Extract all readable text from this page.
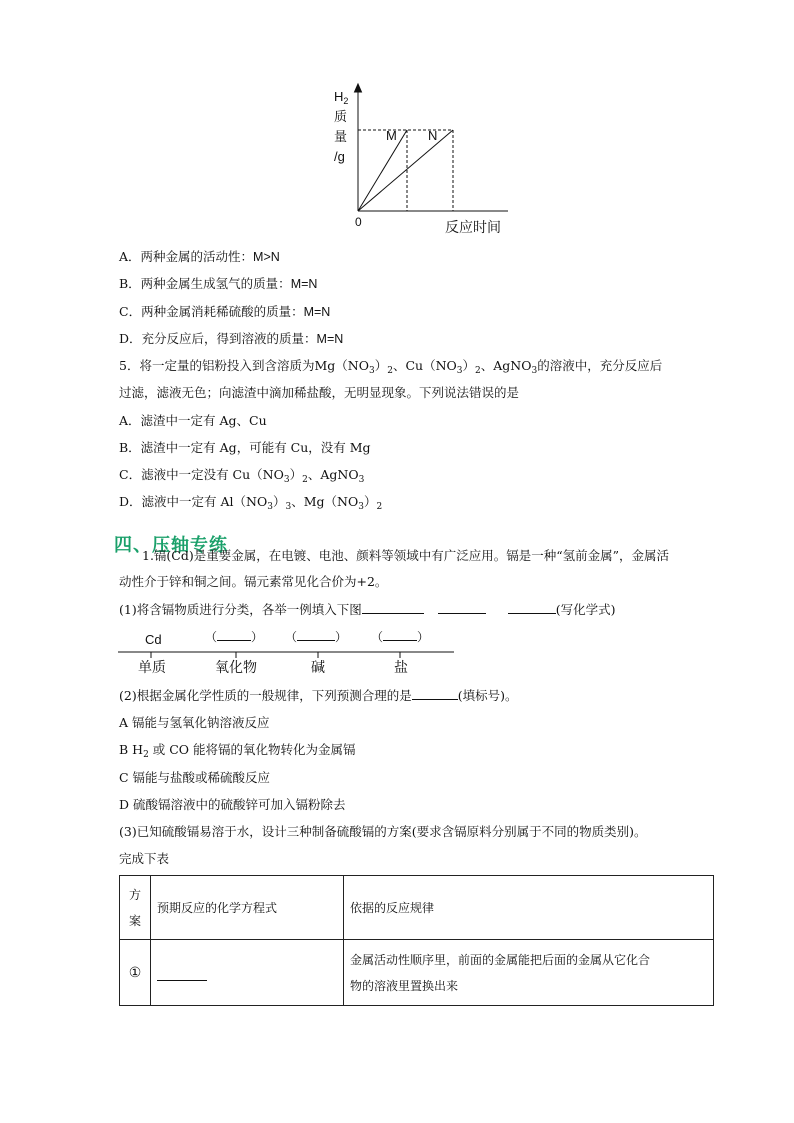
$H_2$
质
量
/g
M N
0	反应时间
A．两种金属的活动性：M>N
B．两种金属生成氢气的质量：M=N
C．两种金属消耗稀硫酸的质量：M=N
D．充分反应后，得到溶液的质量：M=N
5．将一定量的铝粉投入到含溶质为$Mg(NO_3)_2$、$Cu(NO_3)_2$、AgNO$_3$的溶液中，充分反应后
过滤，滤液无色；向滤渣中滴加稀盐酸，无明显现象。下列说法错误的是
A．滤渣中一定有 Ag、Cu
B．滤渣中一定有 Ag，可能有 Cu，没有 Mg
C．滤液中一定没有 $Cu(NO_3)_2$、AgNO$_3$
D．滤液中一定有 $Al(NO_3)_3$、$Mg(NO_3)_2$
四、压轴专练
1.镉(Cd)是重要金属，在电镀、电池、颜料等领域中有广泛应用。镉是一种“氢前金属”，金属活
动性介于锌和铜之间。镉元素常见化合价为+2。
(1)将含镉物质进行分类，各举一例填入下图	(写化学式)
Cd	（	） （	） （	）
单质	氧化物	碱	盐
(2)根据金属化学性质的一般规律，下列预测合理的是	(填标号)。
A 镉能与氢氧化钠溶液反应
B $H_2$ 或 CO 能将镉的氧化物转化为金属镉
C 镉能与盐酸或稀硫酸反应
D 硫酸镉溶液中的硫酸锌可加入镉粉除去
(3)已知硫酸镉易溶于水，设计三种制备硫酸镉的方案(要求含镉原料分别属于不同的物质类别)。
完成下表
方
案	预期反应的化学方程式	依据的反应规律
①		金属活动性顺序里，前面的金属能把后面的金属从它化合
物的溶液里置换出来
